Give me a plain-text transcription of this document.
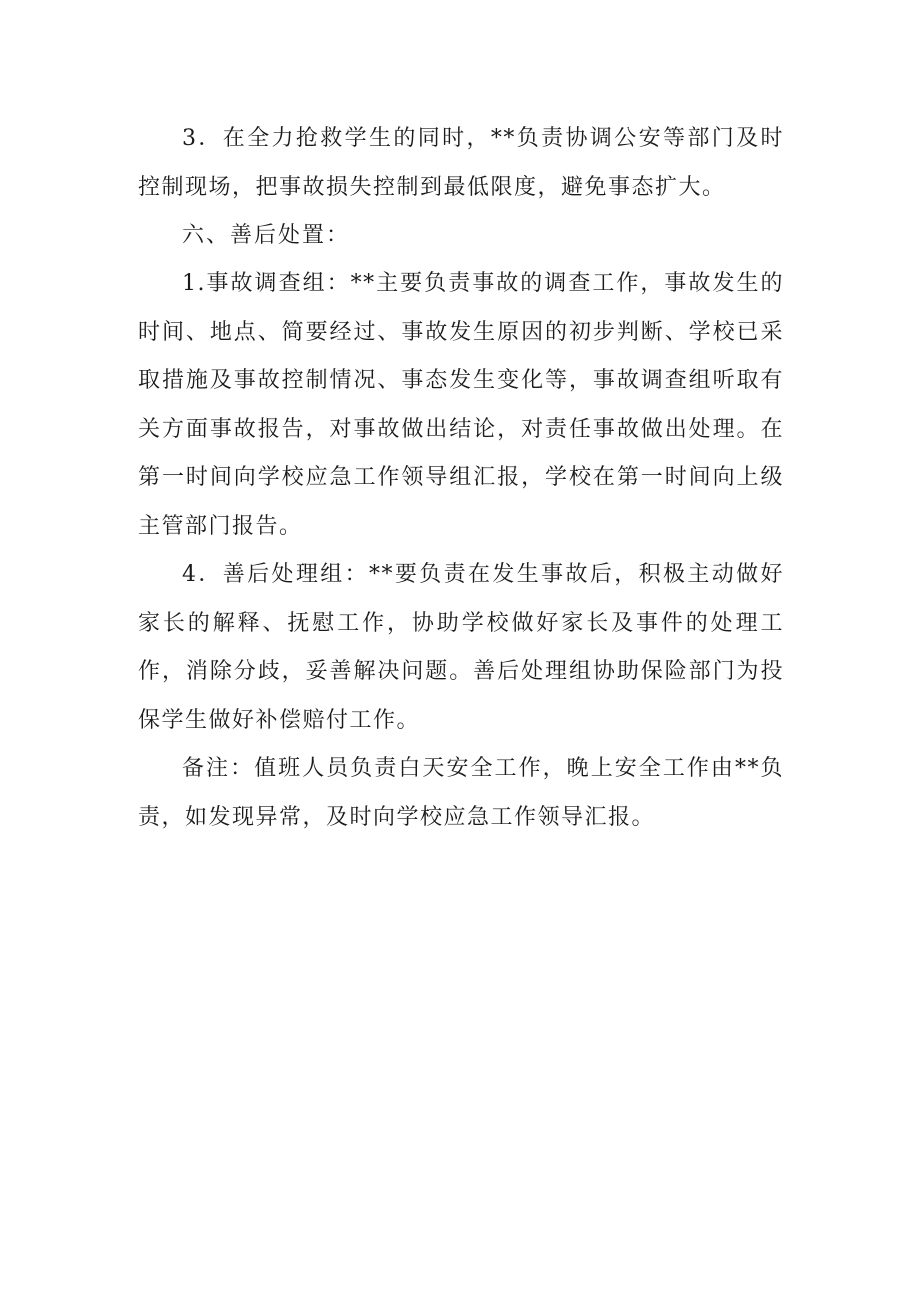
3．在全力抢救学生的同时，**负责协调公安等部门及时控制现场，把事故损失控制到最低限度，避免事态扩大。

六、善后处置：

1.事故调查组：**主要负责事故的调查工作，事故发生的时间、地点、简要经过、事故发生原因的初步判断、学校已采取措施及事故控制情况、事态发生变化等，事故调查组听取有关方面事故报告，对事故做出结论，对责任事故做出处理。在第一时间向学校应急工作领导组汇报，学校在第一时间向上级主管部门报告。

4．善后处理组：**要负责在发生事故后，积极主动做好家长的解释、抚慰工作，协助学校做好家长及事件的处理工作，消除分歧，妥善解决问题。善后处理组协助保险部门为投保学生做好补偿赔付工作。

备注：值班人员负责白天安全工作，晚上安全工作由**负责，如发现异常，及时向学校应急工作领导汇报。
